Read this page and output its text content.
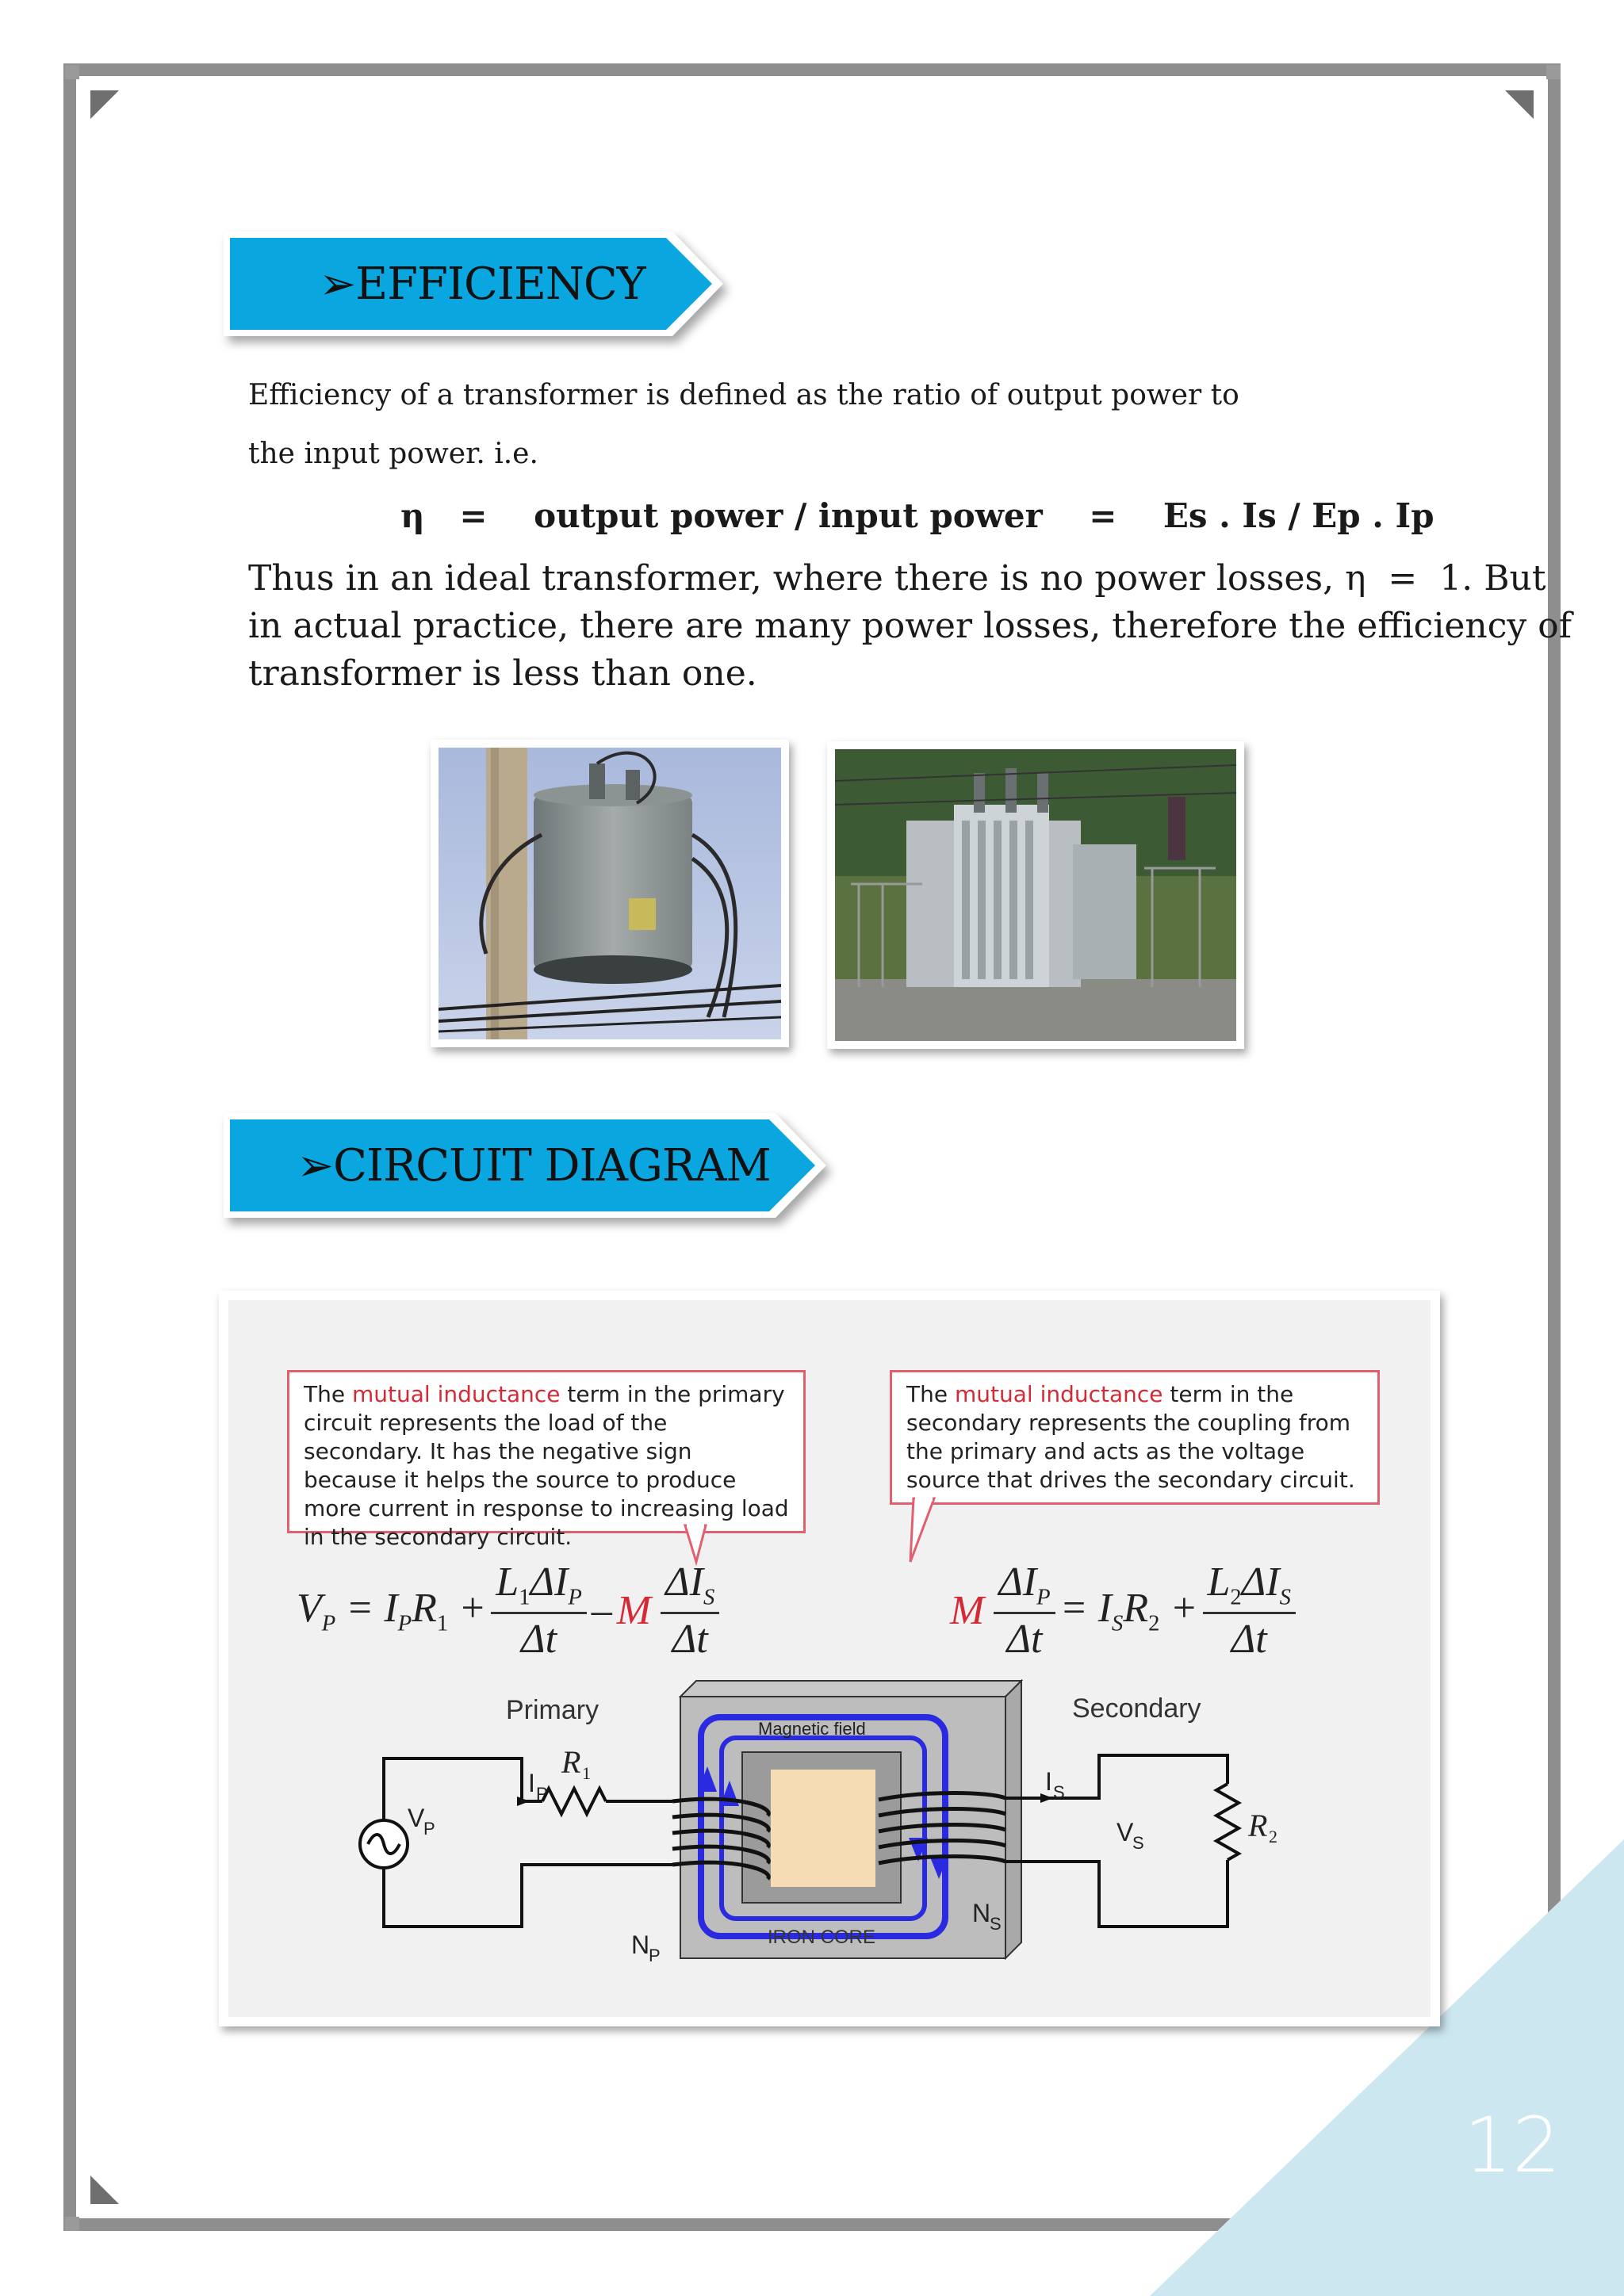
➢ EFFICIENCY
Efficiency of a transformer is defined as the ratio of output power to
the input power. i.e.
η   =    output power / input power    =    Es . Is / Ep . Ip
Thus in an ideal transformer, where there is no power losses, η  =  1. But
in actual practice, there are many power losses, therefore the efficiency of
transformer is less than one.
➢ CIRCUIT DIAGRAM
The mutual inductance term in the primary circuit represents the load of the secondary. It has the negative sign because it helps the source to produce more current in response to increasing load in the secondary circuit.
The mutual inductance term in the secondary represents the coupling from the primary and acts as the voltage source that drives the secondary circuit.
$V_P = I_PR_1 + \frac{L_1\Delta I_P}{\Delta t} - M \frac{\Delta I_S}{\Delta t}$	M $\frac{\Delta I_P}{\Delta t} = I_SR_2 + \frac{L_2\Delta I_S}{\Delta t}$
V
P
I P
N
P
I S
V
S
N
S
R 1
R 2
Primary	Secondary
Magnetic field
IRON CORE
12
